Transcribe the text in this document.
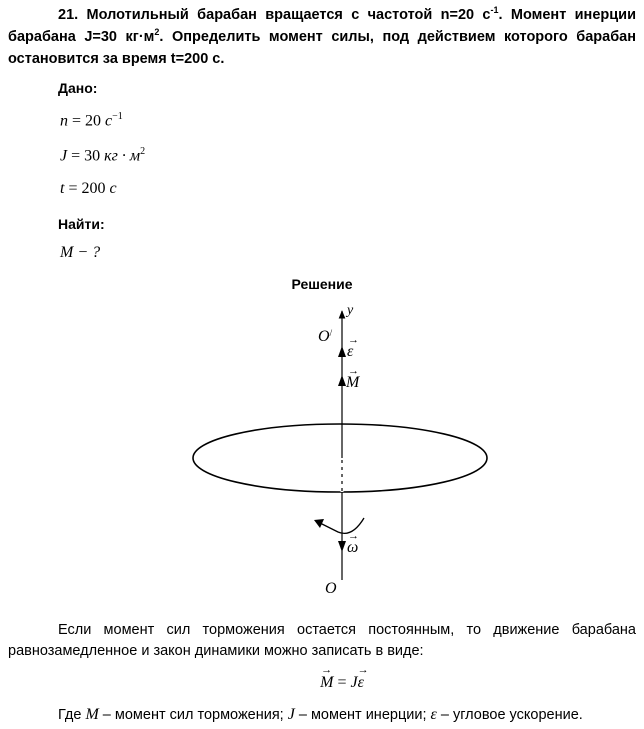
21. Молотильный барабан вращается с частотой n=20 $с^{-1}$. Момент инерции барабана J=30 $кг\cdot м^2$. Определить момент силы, под действием которого барабан остановится за время t=200 с.

Дано:
n = 20 $с^{-1}$
J = 30 кг · $м^2$
t = 200 с
Найти:
M − ?
Решение
y
O/
→
ε
→
M
→
ω
O

Если момент сил торможения остается постоянным, то движение барабана равнозамедленное и закон динамики можно записать в виде:

→
M = J
→
ε
Где M – момент сил торможения; J – момент инерции; ε – угловое ускорение.
